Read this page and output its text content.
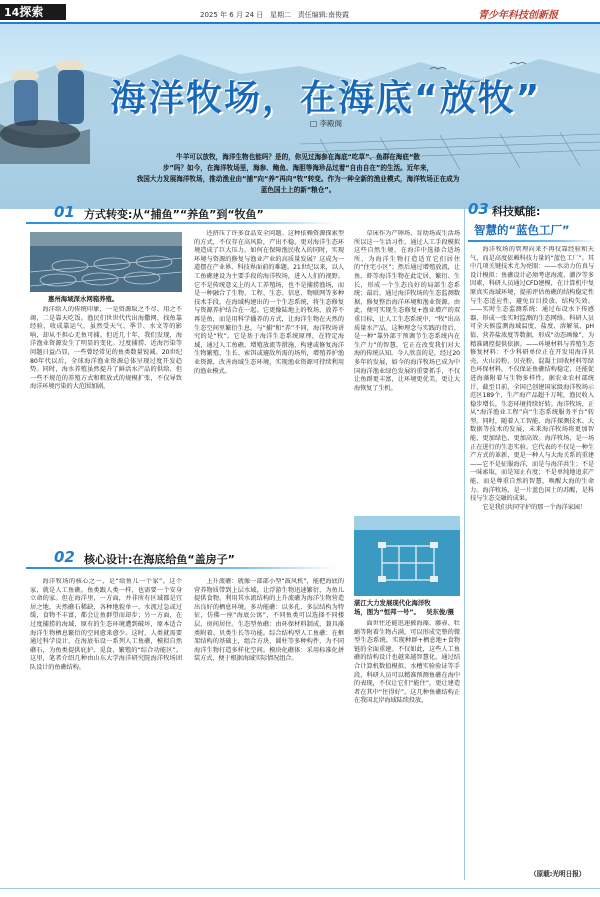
14探索	2025 年 6 月 24 日 星期二 责任编辑:南俊霞	青少年科技创新报
海洋牧场，在海底“放牧”
□ 李殿阁
牛羊可以放牧，海洋生物也能吗？是的，你见过海参在海底“吃草”、鱼群在海底“散
步”吗？如今，在海洋牧场里，海参、鲍鱼、海胆等海珍品过着“自由自在”的生活。近年来，
我国大力发展海洋牧场，推动渔业由“捕”向“养”再向“牧”转变。作为一种全新的渔业模式，海洋牧场正在成为
蓝色国土上的新“粮仓”。
01 方式转变:从“捕鱼”“养鱼”到“牧鱼”	03 科技赋能:
智慧的“蓝色工厂”
惠州海域深水网箱养殖。

海洋给人的传统印象，一是资源取之不尽、用之不竭，二是靠天吃饭。渔民们世世代代出海撒网，找鱼靠经验，收成靠运气，虽然受天气、季节、水文等的影响，却从不担心无鱼可捕。但近几十年，我们发现，海洋渔业资源发生了明显的变化。过度捕捞、近海污染等问题日益凸显，一些曾经常见的鱼类数量锐减。20世纪80年代以后，全球海洋渔业资源总体呈现过度开发趋势。同时，海水养殖虽然提升了鲜活水产品的供给，但一些不规范的养殖方式和粗放式的规模扩张，不仅导致海洋环境污染的大范围加剧，

还挤压了许多食品安全问题。这种依赖资源探索型的方式，不仅存在高风险，产出不稳，更对海洋生态环境造成了巨大压力。如何在保障渔民收入的同时，实现环境与资源的修复与渔业产业的高质量发展？这成为一道摆在产业界、科技界面前的难题。21世纪以来，以人工鱼礁建设为主要手段的海洋牧场，进入人们的视野。它不是传统意义上的人工养殖场，也不是捕捞渔场，而是一种融合了生物、工程、生态、信息、物联网等多种技术手段，在海域构建出的一个生态系统，将生态修复与资源养护结合在一起。它更像陆地上的牧场，放养不再是鱼，而是用科学播养的方式，让海洋生物在天然的生态空间里繁衍生息。与“捕”和“养”不同，海洋牧场讲究的是“牧”。它是基于海洋生态系统原理，在特定海域，通过人工鱼礁、增殖放流等措施，构建或修复海洋生物繁殖、生长、索饵或避敌所需的场所，增殖养护渔业资源，改善海域生态环境，实现渔业资源可持续利用的渔业模式。

草床作为产卵场、育幼场或生活场所以这一生活习性，通过人工手段模拟这些自然生境，在海洋中选择合适场所，为海洋生物打造适宜它们居住的“住宅小区”；然后通过增殖放流，让鱼、虾等海洋生物在此定居、繁衍、生长，形成一个生态良好的局部生态系统；最后，通过海洋牧场的生态监测数据，修复整治海洋环境和渔业资源。由此，便可实现生态修复+渔业增产的双重目标，让人工生态系统中，“牧”出高质量水产品。这种理念与实践的背后，是一种“靠外部干预调节生态系统内在生产力”的智慧，它正在改变我们对大海的传统认知。今人欣喜的是，经过20多年的发展，如今的海洋牧场已成为中国海洋渔业绿色发展的重要抓手，不仅让鱼群更丰富，让环境更优美，更让大海恢复了生机。

02 核心设计:在海底给鱼“盖房子”

海洋牧场的核心之一，是“给鱼儿一个家”。这个家，就是人工鱼礁。鱼类跟人类一样，也需要一个安身立命的家。但在海洋里，一方面，并非所有区域都是宜居之地，天然礁石稀缺，各种地貌单一、水流过急或过缓，食物不丰富，都会让鱼群望而却步；另一方面，在过度捕捞的海域，原有的生态环境遭到破坏，原本适合海洋生物栖息繁衍的空间愈来愈少。这时，人类就需要通过科学设计，在海底布设一系列人工鱼礁，模拟自然礁石，为鱼类提供庇护、觅食、繁殖的“综合功能区”。这里，笔者介绍几种由山东大学海洋研究院海洋牧场团队设计的鱼礁结构。

上升流礁：就像一部部小型“鼓风机”，能把海底的营养物质带到上层水域，让浮游生物迅速繁衍，为鱼儿提供食物，利用其水流结构的上升流礁为海洋生物营造出良好的栖息环境。多功能礁：以多孔、多层结构为特征，仿佛一座“海底公寓”，不同鱼类可以选择不同楼层、房间居住。生态型鱼礁：由环保材料制成，兼具藻类附着、贝类生长等功能。综合结构型人工鱼礁：在框架结构的基础上，组合方块、圆柱等多种构件，为不同海洋生物打造多样化空间。模块化礁体：采用标准化拼装方式，便于根据海域实际情况组合。

湛江大力发展现代化海洋牧
场，图为“恒邦一号”。 吴东俊/摄

面世往还能迅速被海藻、藤壶、牡蛎等附着生物占满，可以形成完整的微型生态系统，实现种群+栖息地+食物链的全面重建。不仅如此，这些人工鱼礁的结构设计也越来越智慧化。通过结合计算机数值模拟、水槽实验验证等手段，科研人员可以精准预测鱼礁在海中的表现，不仅让它们“能住”，更让建造者在其中“住得好”。这几种鱼礁结构正在我国北岸海域陆续投放。

海洋牧场的管理向来不再仅靠经验和天气，而是高度依赖科技力量的“蓝色工厂”。其中几项关键技术尤为亮眼：——水动力仿真与设计模拟：鱼礁设计必须考虑海流、潮汐等多因素，科研人员通过CFD建模，在计算机中复原真实海域环境，提前评估鱼礁的结构稳定性与生态适应性，避免盲目投放、结构失效。——实时生态监测系统：通过布设水下传感器，形成一张实时监测的生态网络。科研人员可全天候监测海域温度、盐度、溶解氧、pH值、营养盐浓度等数据，形成“动态画像”，为精准调控提供依据。——环境材料与养殖生态修复材料：不少科研单位正在开发用海洋贝壳、火山岩粉、贝壳粉、混凝土回收材料等绿色环保材料，不仅保证鱼礁结构稳定，还能促进海藻附着与生物多样性。据农业农村部统计，截至目前，全国已创建国家级海洋牧场示范区189个，生产海产品超千万吨，渔民收入稳步增长，生态环境持续好转。海洋牧场，正从“海洋渔业工程”向“生态系统服务平台”转型。同时，随着人工智能、海洋探测技术、大数据等技术的发展，未来海洋牧场将更加智能、更加绿色、更加高效。海洋牧场，是一场正在进行的生态实验。它代表的不仅是一种生产方式的革新，更是一种人与大海关系的重建——它不是征服海洋，而是与海洋共生；不是一味索取，而是知止有度；不是单纯地追求产能，而是尊重自然的智慧，唤醒大海的生命力。海洋牧场，是一片蓝色国土的苏醒，是科技与生态交融的成果。

它是我们共同守护的那一个海洋家园！

（原载:光明日报）
